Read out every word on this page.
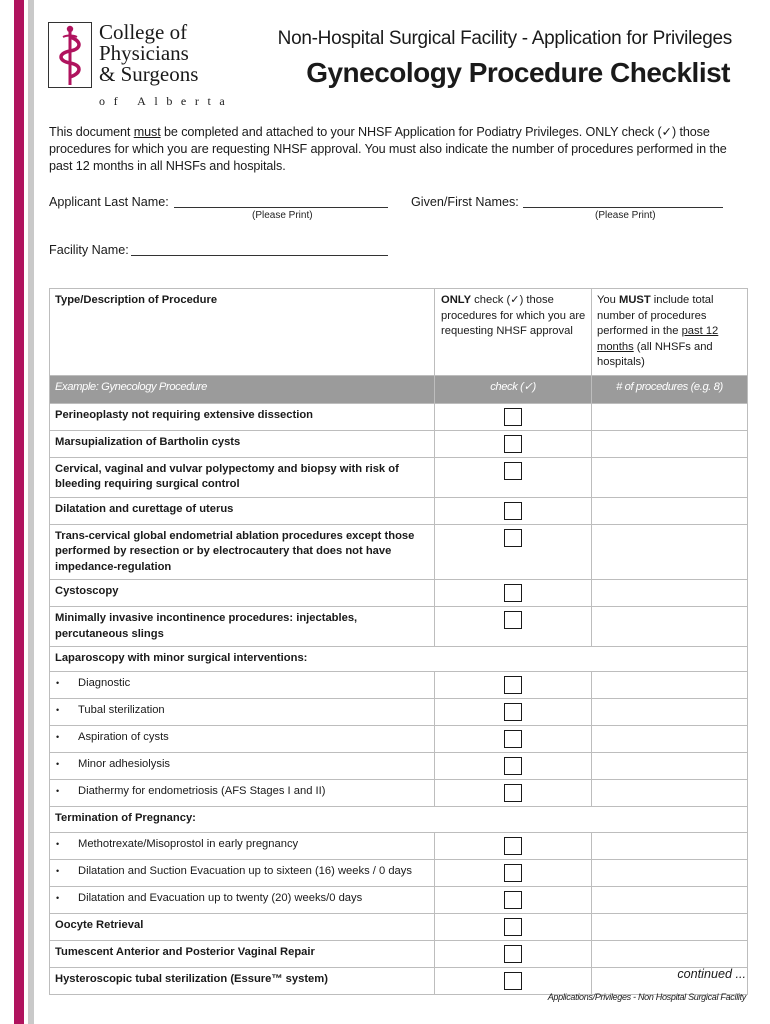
College of
Physicians
& Surgeons
of Alberta
Non-Hospital Surgical Facility - Application for Privileges
Gynecology Procedure Checklist
This document must be completed and attached to your NHSF Application for Podiatry Privileges. ONLY check (✓) those procedures for which you are requesting NHSF approval. You must also indicate the number of procedures performed in the past 12 months in all NHSFs and hospitals.
Applicant Last Name:
(Please Print)
Given/First Names:
(Please Print)
Facility Name:
Type/Description of Procedure	ONLY check (✓) those procedures for which you are requesting NHSF approval	You MUST include total number of procedures performed in the past 12 months (all NHSFs and hospitals)
Example: Gynecology Procedure	check (✓)	# of procedures (e.g. 8)
Perineoplasty not requiring extensive dissection	

Marsupialization of Bartholin cysts	

Cervical, vaginal and vulvar polypectomy and biopsy with risk of bleeding requiring surgical control	

Dilatation and curettage of uterus	

Trans-cervical global endometrial ablation procedures except those performed by resection or by electrocautery that does not have impedance-regulation	

Cystoscopy	

Minimally invasive incontinence procedures: injectables, percutaneous slings	

Laparoscopy with minor surgical interventions:		
• Diagnostic	

• Tubal sterilization	

• Aspiration of cysts	

• Minor adhesiolysis	

• Diathermy for endometriosis (AFS Stages I and II)	

Termination of Pregnancy:		
• Methotrexate/Misoprostol in early pregnancy	

• Dilatation and Suction Evacuation up to sixteen (16) weeks / 0 days	

• Dilatation and Evacuation up to twenty (20) weeks/0 days	

Oocyte Retrieval	

Tumescent Anterior and Posterior Vaginal Repair	

Hysteroscopic tubal sterilization (Essure™ system)	
		continued ...
Applications/Privileges - Non Hospital Surgical Facility
